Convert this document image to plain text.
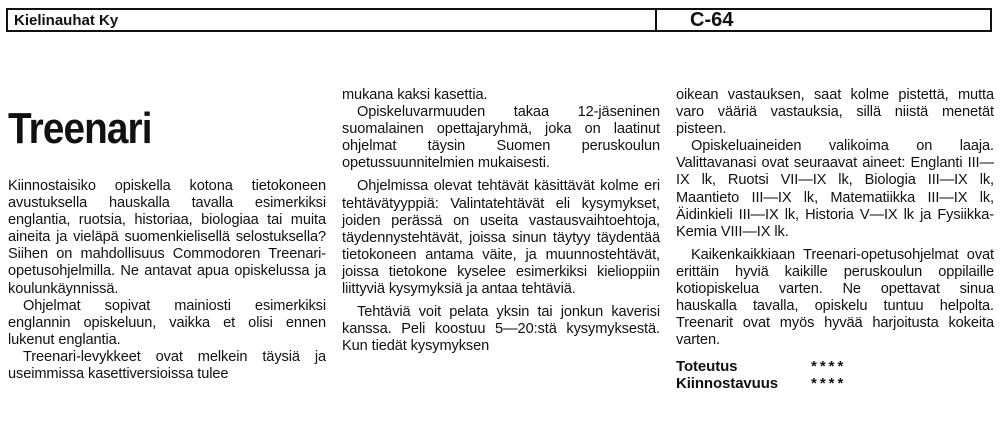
Kielinauhat Ky	C-64
Treenari

Kiinnostaisiko opiskella kotona tietokoneen avustuksella hauskalla tavalla esimerkiksi englantia, ruotsia, historiaa, biologiaa tai muita aineita ja vieläpä suomenkielisellä selostuksella? Siihen on mahdollisuus Commodoren Treenari-opetusohjelmilla. Ne antavat apua opiskelussa ja koulunkäynnissä.

Ohjelmat sopivat mainiosti esimerkiksi englannin opiskeluun, vaikka et olisi ennen lukenut englantia.

Treenari-levykkeet ovat melkein täysiä ja useimmissa kasettiversioissa tulee

mukana kaksi kasettia.

Opiskeluvarmuuden takaa 12-jäseninen suomalainen opettajaryhmä, joka on laatinut ohjelmat täysin Suomen peruskoulun opetussuunnitelmien mukaisesti.

Ohjelmissa olevat tehtävät käsittävät kolme eri tehtävätyyppiä: Valintatehtävät eli kysymykset, joiden perässä on useita vastausvaihtoehtoja, täydennystehtävät, joissa sinun täytyy täydentää tietokoneen antama väite, ja muunnostehtävät, joissa tietokone kyselee esimerkiksi kielioppiin liittyviä kysymyksiä ja antaa tehtäviä.

Tehtäviä voit pelata yksin tai jonkun kaverisi kanssa. Peli koostuu 5—20:stä kysymyksestä. Kun tiedät kysymyksen

oikean vastauksen, saat kolme pistettä, mutta varo vääriä vastauksia, sillä niistä menetät pisteen.

Opiskeluaineiden valikoima on laaja. Valittavanasi ovat seuraavat aineet: Englanti III—IX lk, Ruotsi VII—IX lk, Biologia III—IX lk, Maantieto III—IX lk, Matematiikka III—IX lk, Äidinkieli III—IX lk, Historia V—IX lk ja Fysiikka-Kemia VIII—IX lk.

Kaikenkaikkiaan Treenari-opetusohjelmat ovat erittäin hyviä kaikille peruskoulun oppilaille kotiopiskelua varten. Ne opettavat sinua hauskalla tavalla, opiskelu tuntuu helpolta. Treenarit ovat myös hyvää harjoitusta kokeita varten.

Toteutus	****
Kiinnostavuus	****
